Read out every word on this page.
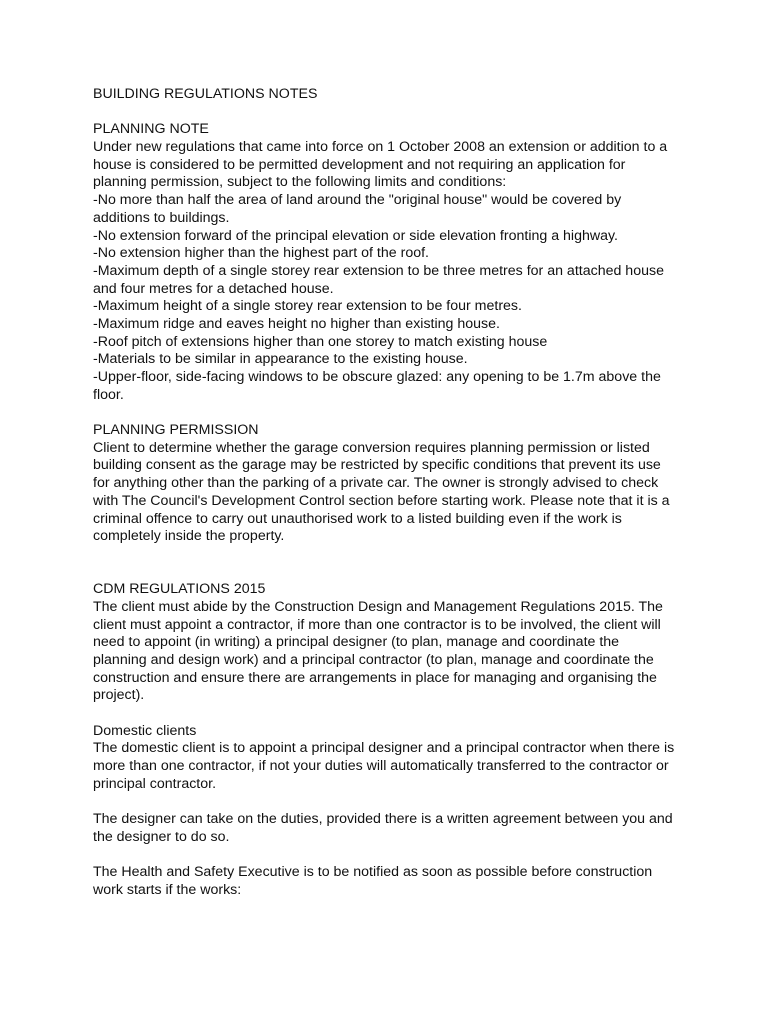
BUILDING REGULATIONS NOTES
PLANNING NOTE
Under new regulations that came into force on 1 October 2008 an extension or addition to a
house is considered to be permitted development and not requiring an application for
planning permission, subject to the following limits and conditions:
-No more than half the area of land around the "original house" would be covered by
additions to buildings.
-No extension forward of the principal elevation or side elevation fronting a highway.
-No extension higher than the highest part of the roof.
-Maximum depth of a single storey rear extension to be three metres for an attached house
and four metres for a detached house.
-Maximum height of a single storey rear extension to be four metres.
-Maximum ridge and eaves height no higher than existing house.
-Roof pitch of extensions higher than one storey to match existing house
-Materials to be similar in appearance to the existing house.
-Upper-floor, side-facing windows to be obscure glazed: any opening to be 1.7m above the
floor.
PLANNING PERMISSION
Client to determine whether the garage conversion requires planning permission or listed
building consent as the garage may be restricted by specific conditions that prevent its use
for anything other than the parking of a private car. The owner is strongly advised to check
with The Council's Development Control section before starting work. Please note that it is a
criminal offence to carry out unauthorised work to a listed building even if the work is
completely inside the property.
CDM REGULATIONS 2015
The client must abide by the Construction Design and Management Regulations 2015. The
client must appoint a contractor, if more than one contractor is to be involved, the client will
need to appoint (in writing) a principal designer (to plan, manage and coordinate the
planning and design work) and a principal contractor (to plan, manage and coordinate the
construction and ensure there are arrangements in place for managing and organising the
project).
Domestic clients
The domestic client is to appoint a principal designer and a principal contractor when there is
more than one contractor, if not your duties will automatically transferred to the contractor or
principal contractor.
The designer can take on the duties, provided there is a written agreement between you and
the designer to do so.
The Health and Safety Executive is to be notified as soon as possible before construction
work starts if the works:
